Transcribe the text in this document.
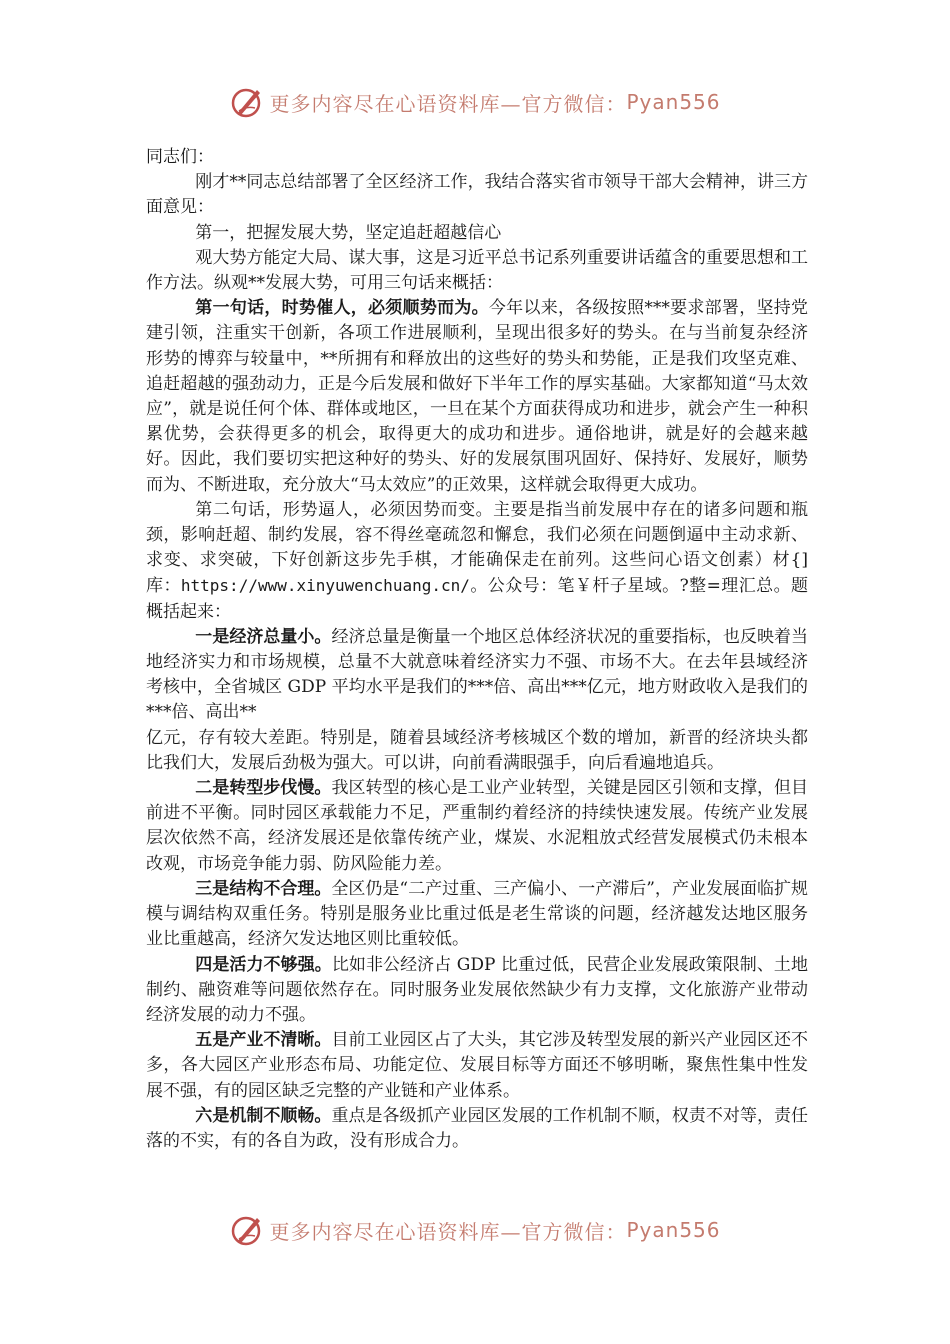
更多内容尽在心语资料库—官方微信： Pyan556

同志们：

刚才**同志总结部署了全区经济工作，我结合落实省市领导干部大会精神，讲三方面意见：

第一，把握发展大势，坚定追赶超越信心

观大势方能定大局、谋大事，这是习近平总书记系列重要讲话蕴含的重要思想和工作方法。纵观**发展大势，可用三句话来概括：

第一句话，时势催人，必须顺势而为。今年以来，各级按照***要求部署，坚持党建引领，注重实干创新，各项工作进展顺利，呈现出很多好的势头。在与当前复杂经济形势的博弈与较量中，**所拥有和释放出的这些好的势头和势能，正是我们攻坚克难、追赶超越的强劲动力，正是今后发展和做好下半年工作的厚实基础。大家都知道“马太效应”，就是说任何个体、群体或地区，一旦在某个方面获得成功和进步，就会产生一种积累优势，会获得更多的机会，取得更大的成功和进步。通俗地讲，就是好的会越来越好。因此，我们要切实把这种好的势头、好的发展氛围巩固好、保持好、发展好，顺势而为、不断进取，充分放大“马太效应”的正效果，这样就会取得更大成功。

第二句话，形势逼人，必须因势而变。主要是指当前发展中存在的诸多问题和瓶颈，影响赶超、制约发展，容不得丝毫疏忽和懈怠，我们必须在问题倒逼中主动求新、求变、求突破，下好创新这步先手棋，才能确保走在前列。这些问心语文创素）材{]库：https://www.xinyuwenchuang.cn/。公众号：笔￥杆子星域。?整=理汇总。题概括起来：

一是经济总量小。经济总量是衡量一个地区总体经济状况的重要指标，也反映着当地经济实力和市场规模，总量不大就意味着经济实力不强、市场不大。在去年县域经济考核中，全省城区 GDP 平均水平是我们的***倍、高出***亿元，地方财政收入是我们的***倍、高出**

亿元，存有较大差距。特别是，随着县域经济考核城区个数的增加，新晋的经济块头都比我们大，发展后劲极为强大。可以讲，向前看满眼强手，向后看遍地追兵。

二是转型步伐慢。我区转型的核心是工业产业转型，关键是园区引领和支撑，但目前进不平衡。同时园区承载能力不足，严重制约着经济的持续快速发展。传统产业发展层次依然不高，经济发展还是依靠传统产业，煤炭、水泥粗放式经营发展模式仍未根本改观，市场竞争能力弱、防风险能力差。

三是结构不合理。全区仍是“二产过重、三产偏小、一产滞后”，产业发展面临扩规模与调结构双重任务。特别是服务业比重过低是老生常谈的问题，经济越发达地区服务业比重越高，经济欠发达地区则比重较低。

四是活力不够强。比如非公经济占 GDP 比重过低，民营企业发展政策限制、土地制约、融资难等问题依然存在。同时服务业发展依然缺少有力支撑，文化旅游产业带动经济发展的动力不强。

五是产业不清晰。目前工业园区占了大头，其它涉及转型发展的新兴产业园区还不多，各大园区产业形态布局、功能定位、发展目标等方面还不够明晰，聚焦性集中性发展不强，有的园区缺乏完整的产业链和产业体系。

六是机制不顺畅。重点是各级抓产业园区发展的工作机制不顺，权责不对等，责任落的不实，有的各自为政，没有形成合力。

更多内容尽在心语资料库—官方微信： Pyan556
